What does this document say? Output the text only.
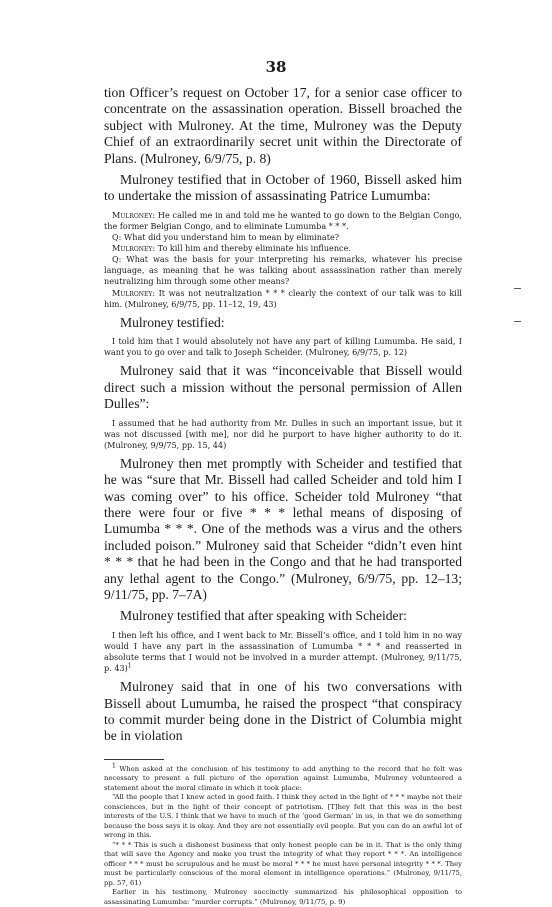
38

tion Officer’s request on October 17, for a senior case officer to concentrate on the assassination operation. Bissell broached the subject with Mulroney. At the time, Mulroney was the Deputy Chief of an extraordinarily secret unit within the Directorate of Plans. (Mulroney, 6/9/75, p. 8)

Mulroney testified that in October of 1960, Bissell asked him to undertake the mission of assassinating Patrice Lumumba:

Mulroney: He called me in and told me he wanted to go down to the Belgian Congo, the former Belgian Congo, and to eliminate Lumumba * * *.

Q: What did you understand him to mean by eliminate?

Mulroney: To kill him and thereby eliminate his influence.

Q: What was the basis for your interpreting his remarks, whatever his precise language, as meaning that he was talking about assassination rather than merely neutralizing him through some other means?

Mulroney: It was not neutralization * * * clearly the context of our talk was to kill him. (Mulroney, 6/9/75, pp. 11–12, 19, 43)

Mulroney testified:

I told him that I would absolutely not have any part of killing Lumumba. He said, I want you to go over and talk to Joseph Scheider. (Mulroney, 6/9/75, p. 12)

Mulroney said that it was “inconceivable that Bissell would direct such a mission without the personal permission of Allen Dulles”:

I assumed that he had authority from Mr. Dulles in such an important issue, but it was not discussed [with me], nor did he purport to have higher authority to do it. (Mulroney, 9/9/75, pp. 15, 44)

Mulroney then met promptly with Scheider and testified that he was “sure that Mr. Bissell had called Scheider and told him I was coming over” to his office. Scheider told Mulroney “that there were four or five * * * lethal means of disposing of Lumumba * * *. One of the methods was a virus and the others included poison.” Mulroney said that Scheider “didn’t even hint * * * that he had been in the Congo and that he had transported any lethal agent to the Congo.” (Mulroney, 6/9/75, pp. 12–13; 9/11/75, pp. 7–7A)

Mulroney testified that after speaking with Scheider:

I then left his office, and I went back to Mr. Bissell’s office, and I told him in no way would I have any part in the assassination of Lumumba * * * and reasserted in absolute terms that I would not be involved in a murder attempt. (Mulroney, 9/11/75, p. 43)$^1$

Mulroney said that in one of his two conversations with Bissell about Lumumba, he raised the prospect “that conspiracy to commit murder being done in the District of Columbia might be in violation

1 When asked at the conclusion of his testimony to add anything to the record that he felt was necessary to present a full picture of the operation against Lumumba, Mulroney volunteered a statement about the moral climate in which it took place:

“All the people that I knew acted in good faith. I think they acted in the light of * * * maybe not their consciences, but in the light of their concept of patriotism. [T]hey felt that this was in the best interests of the U.S. I think that we have to much of the ‘good German’ in us, in that we do something because the boss says it is okay. And they are not essentially evil people. But you can do an awful lot of wrong in this.

“* * * This is such a dishonest business that only honest people can be in it. That is the only thing that will save the Agency and make you trust the integrity of what they report * * *. An intelligence officer * * * must be scrupulous and he must be moral * * * he must have personal integrity * * *. They must be particularly conscious of the moral element in intelligence operations.” (Mulroney, 9/11/75, pp. 57, 61)

Earlier in his testimony, Mulroney succinctly summarized his philosophical opposition to assassinating Lumumba: “murder corrupts.” (Mulroney, 9/11/75, p. 9)
